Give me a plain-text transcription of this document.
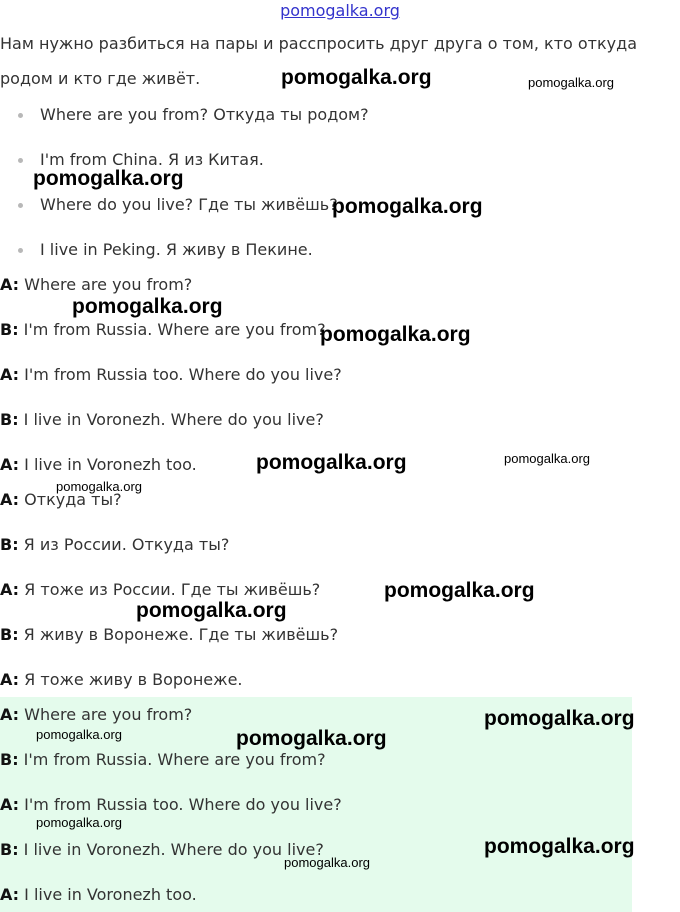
pomogalka.org
Нам нужно разбиться на пары и расспросить друг друга о том, кто откуда
родом и кто где живёт.
Where are you from? Откуда ты родом?
I'm from China. Я из Китая.
Where do you live? Где ты живёшь?
I live in Peking. Я живу в Пекине.
A: Where are you from?
B: I'm from Russia. Where are you from?
A: I'm from Russia too. Where do you live?
B: I live in Voronezh. Where do you live?
A: I live in Voronezh too.
A: Откуда ты?
B: Я из России. Откуда ты?
A: Я тоже из России. Где ты живёшь?
B: Я живу в Воронеже. Где ты живёшь?
A: Я тоже живу в Воронеже.
A: Where are you from?
B: I'm from Russia. Where are you from?
A: I'm from Russia too. Where do you live?
B: I live in Voronezh. Where do you live?
A: I live in Voronezh too.
pomogalka.org	pomogalka.org
pomogalka.org
pomogalka.org
pomogalka.org
pomogalka.org
pomogalka.org	pomogalka.org
pomogalka.org
pomogalka.org
pomogalka.org
pomogalka.org
pomogalka.org	pomogalka.org
pomogalka.org
pomogalka.org
pomogalka.org
